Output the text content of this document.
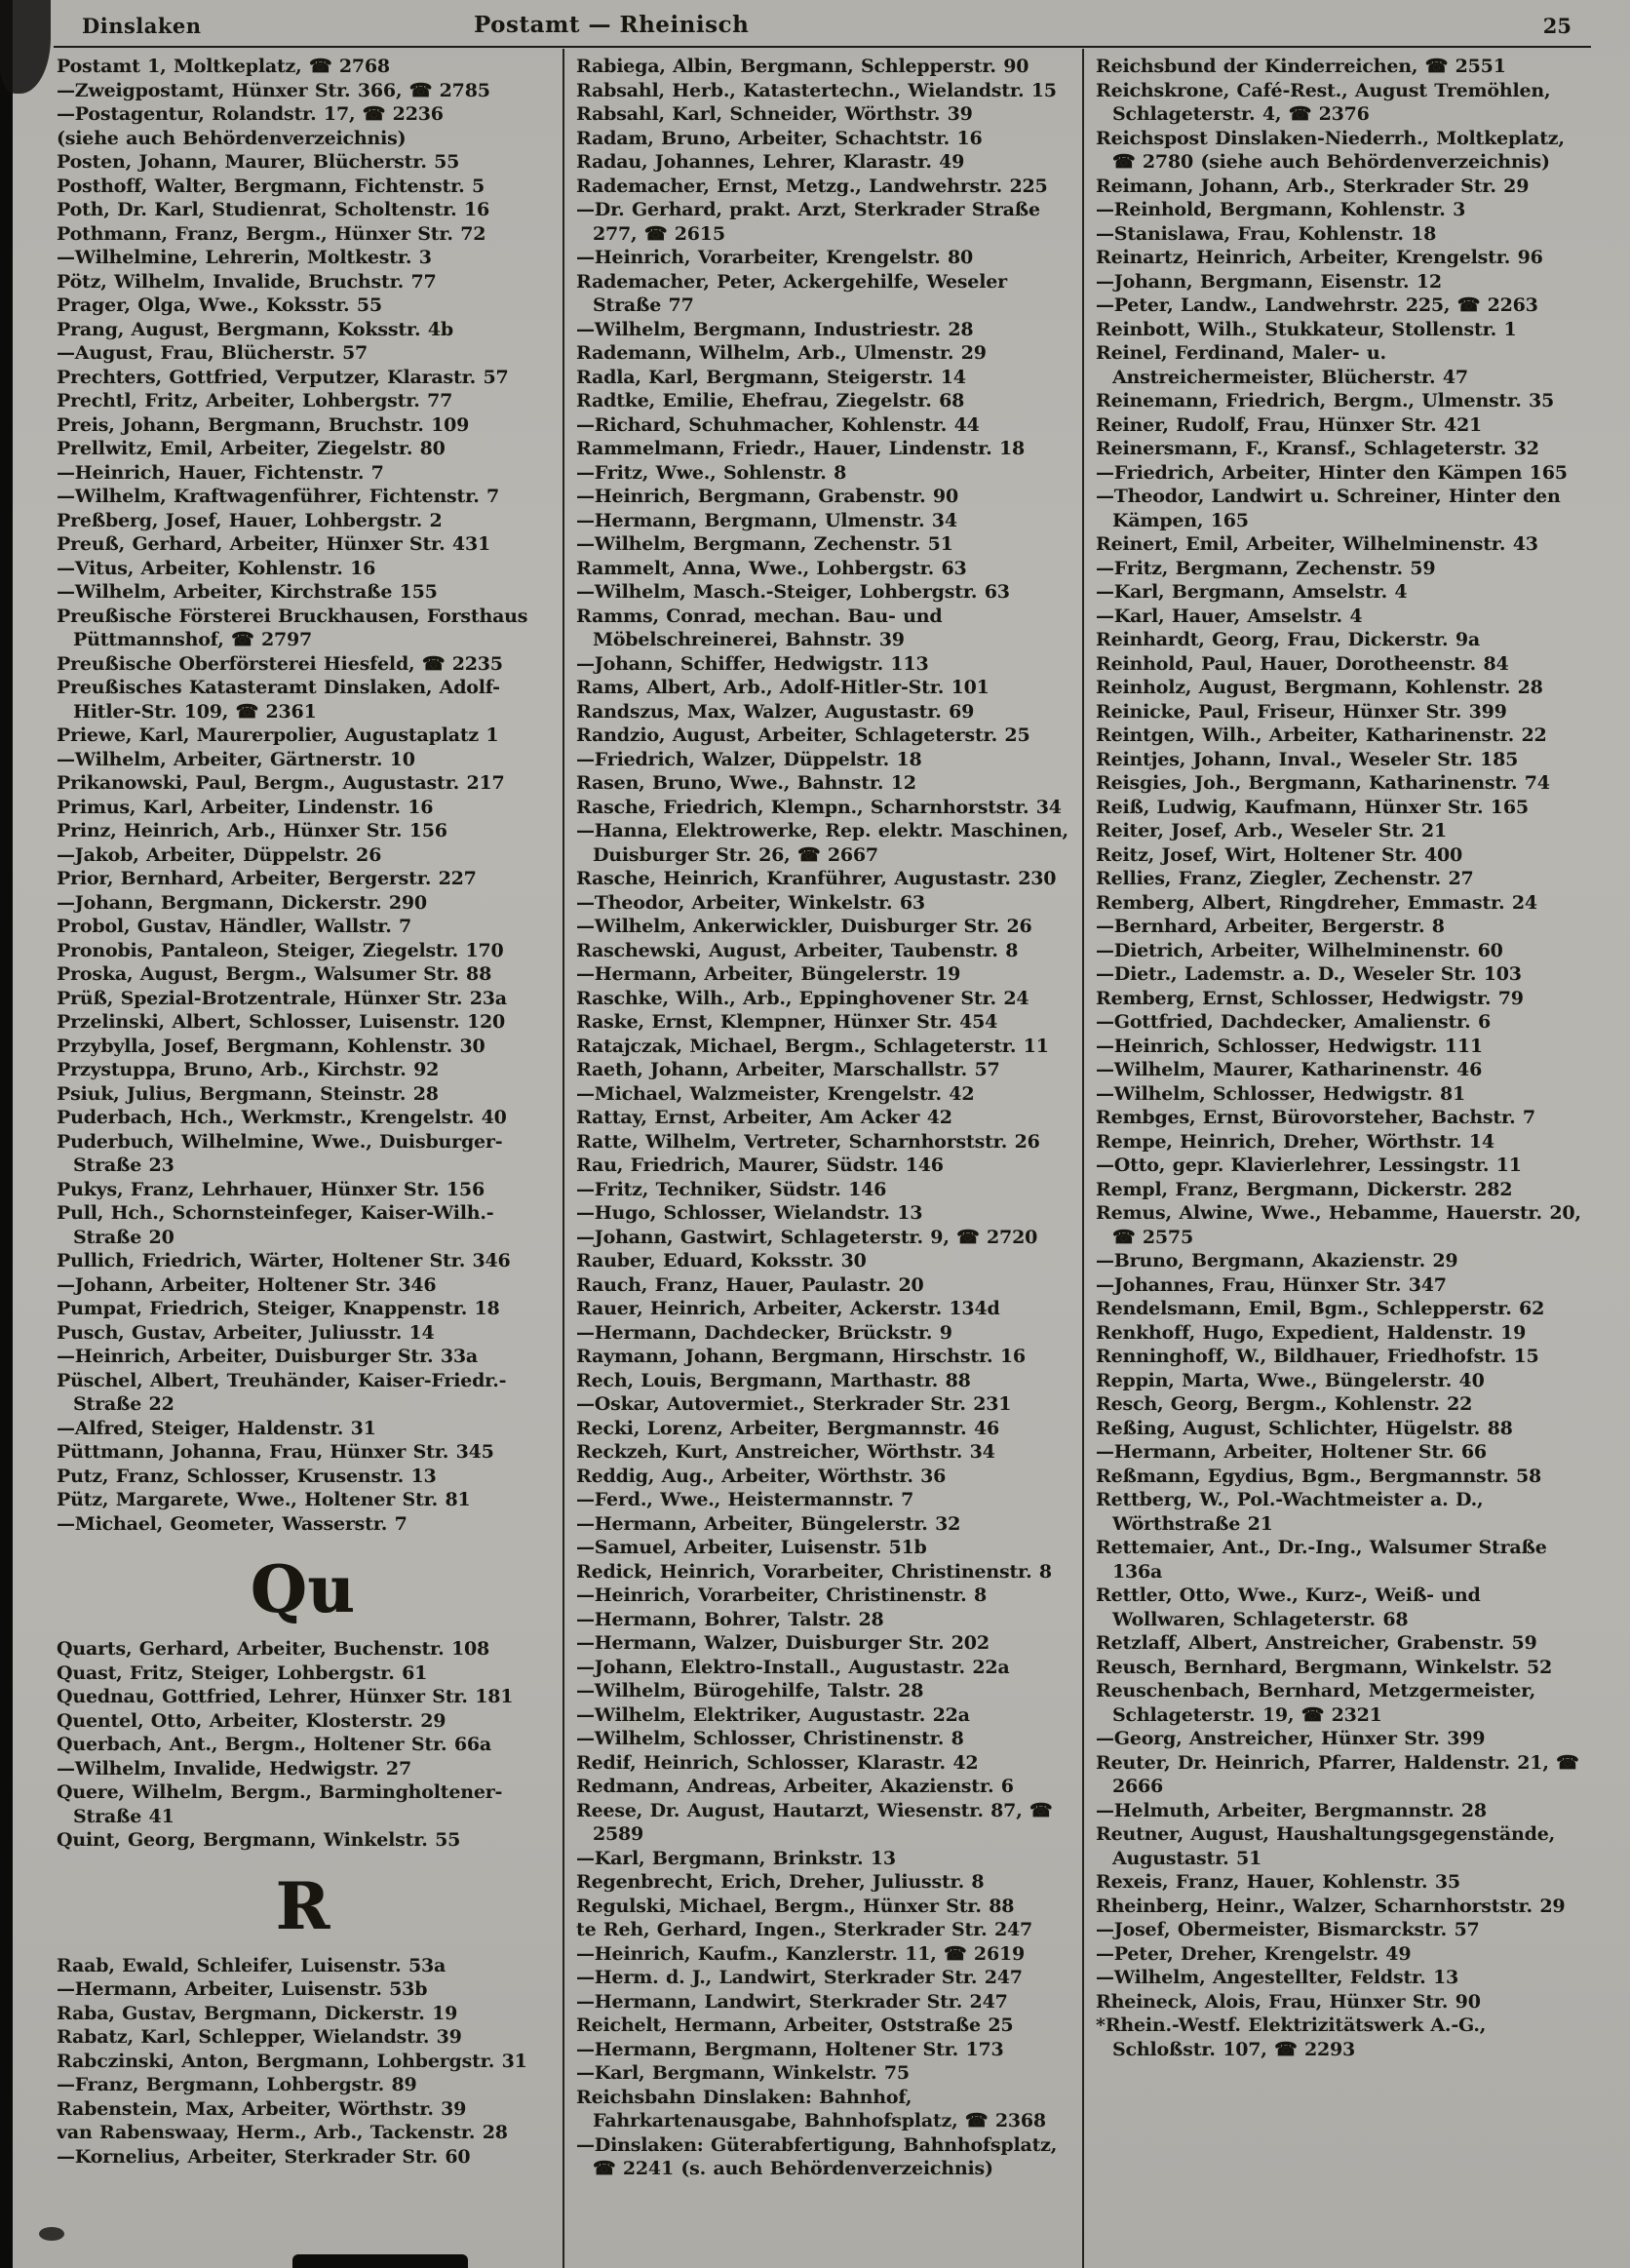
Dinslaken	Postamt — Rheinisch	25
Postamt 1, Moltkeplatz, ☎ 2768
—Zweigpostamt, Hünxer Str. 366, ☎ 2785
—Postagentur, Rolandstr. 17, ☎ 2236
(siehe auch Behördenverzeichnis)
Posten, Johann, Maurer, Blücherstr. 55
Posthoff, Walter, Bergmann, Fichtenstr. 5
Poth, Dr. Karl, Studienrat, Scholtenstr. 16
Pothmann, Franz, Bergm., Hünxer Str. 72
—Wilhelmine, Lehrerin, Moltkestr. 3
Pötz, Wilhelm, Invalide, Bruchstr. 77
Prager, Olga, Wwe., Koksstr. 55
Prang, August, Bergmann, Koksstr. 4b
—August, Frau, Blücherstr. 57
Prechters, Gottfried, Verputzer, Klarastr. 57
Prechtl, Fritz, Arbeiter, Lohbergstr. 77
Preis, Johann, Bergmann, Bruchstr. 109
Prellwitz, Emil, Arbeiter, Ziegelstr. 80
—Heinrich, Hauer, Fichtenstr. 7
—Wilhelm, Kraftwagenführer, Fichtenstr. 7
Preßberg, Josef, Hauer, Lohbergstr. 2
Preuß, Gerhard, Arbeiter, Hünxer Str. 431
—Vitus, Arbeiter, Kohlenstr. 16
—Wilhelm, Arbeiter, Kirchstraße 155
Preußische Försterei Bruckhausen, Forsthaus Püttmannshof, ☎ 2797
Preußische Oberförsterei Hiesfeld, ☎ 2235
Preußisches Katasteramt Dinslaken, Adolf-Hitler-Str. 109, ☎ 2361
Priewe, Karl, Maurerpolier, Augustaplatz 1
—Wilhelm, Arbeiter, Gärtnerstr. 10
Prikanowski, Paul, Bergm., Augustastr. 217
Primus, Karl, Arbeiter, Lindenstr. 16
Prinz, Heinrich, Arb., Hünxer Str. 156
—Jakob, Arbeiter, Düppelstr. 26
Prior, Bernhard, Arbeiter, Bergerstr. 227
—Johann, Bergmann, Dickerstr. 290
Probol, Gustav, Händler, Wallstr. 7
Pronobis, Pantaleon, Steiger, Ziegelstr. 170
Proska, August, Bergm., Walsumer Str. 88
Prüß, Spezial-Brotzentrale, Hünxer Str. 23a
Przelinski, Albert, Schlosser, Luisenstr. 120
Przybylla, Josef, Bergmann, Kohlenstr. 30
Przystuppa, Bruno, Arb., Kirchstr. 92
Psiuk, Julius, Bergmann, Steinstr. 28
Puderbach, Hch., Werkmstr., Krengelstr. 40
Puderbuch, Wilhelmine, Wwe., Duisburger-Straße 23
Pukys, Franz, Lehrhauer, Hünxer Str. 156
Pull, Hch., Schornsteinfeger, Kaiser-Wilh.-Straße 20
Pullich, Friedrich, Wärter, Holtener Str. 346
—Johann, Arbeiter, Holtener Str. 346
Pumpat, Friedrich, Steiger, Knappenstr. 18
Pusch, Gustav, Arbeiter, Juliusstr. 14
—Heinrich, Arbeiter, Duisburger Str. 33a
Püschel, Albert, Treuhänder, Kaiser-Friedr.-Straße 22
—Alfred, Steiger, Haldenstr. 31
Püttmann, Johanna, Frau, Hünxer Str. 345
Putz, Franz, Schlosser, Krusenstr. 13
Pütz, Margarete, Wwe., Holtener Str. 81
—Michael, Geometer, Wasserstr. 7
Qu
Quarts, Gerhard, Arbeiter, Buchenstr. 108
Quast, Fritz, Steiger, Lohbergstr. 61
Quednau, Gottfried, Lehrer, Hünxer Str. 181
Quentel, Otto, Arbeiter, Klosterstr. 29
Querbach, Ant., Bergm., Holtener Str. 66a
—Wilhelm, Invalide, Hedwigstr. 27
Quere, Wilhelm, Bergm., Barmingholtener-Straße 41
Quint, Georg, Bergmann, Winkelstr. 55
R
Raab, Ewald, Schleifer, Luisenstr. 53a
—Hermann, Arbeiter, Luisenstr. 53b
Raba, Gustav, Bergmann, Dickerstr. 19
Rabatz, Karl, Schlepper, Wielandstr. 39
Rabczinski, Anton, Bergmann, Lohbergstr. 31
—Franz, Bergmann, Lohbergstr. 89
Rabenstein, Max, Arbeiter, Wörthstr. 39
van Rabenswaay, Herm., Arb., Tackenstr. 28
—Kornelius, Arbeiter, Sterkrader Str. 60
Rabiega, Albin, Bergmann, Schlepperstr. 90
Rabsahl, Herb., Katastertechn., Wielandstr. 15
Rabsahl, Karl, Schneider, Wörthstr. 39
Radam, Bruno, Arbeiter, Schachtstr. 16
Radau, Johannes, Lehrer, Klarastr. 49
Rademacher, Ernst, Metzg., Landwehrstr. 225
—Dr. Gerhard, prakt. Arzt, Sterkrader Straße 277, ☎ 2615
—Heinrich, Vorarbeiter, Krengelstr. 80
Rademacher, Peter, Ackergehilfe, Weseler Straße 77
—Wilhelm, Bergmann, Industriestr. 28
Rademann, Wilhelm, Arb., Ulmenstr. 29
Radla, Karl, Bergmann, Steigerstr. 14
Radtke, Emilie, Ehefrau, Ziegelstr. 68
—Richard, Schuhmacher, Kohlenstr. 44
Rammelmann, Friedr., Hauer, Lindenstr. 18
—Fritz, Wwe., Sohlenstr. 8
—Heinrich, Bergmann, Grabenstr. 90
—Hermann, Bergmann, Ulmenstr. 34
—Wilhelm, Bergmann, Zechenstr. 51
Rammelt, Anna, Wwe., Lohbergstr. 63
—Wilhelm, Masch.-Steiger, Lohbergstr. 63
Ramms, Conrad, mechan. Bau- und Möbelschreinerei, Bahnstr. 39
—Johann, Schiffer, Hedwigstr. 113
Rams, Albert, Arb., Adolf-Hitler-Str. 101
Randszus, Max, Walzer, Augustastr. 69
Randzio, August, Arbeiter, Schlageterstr. 25
—Friedrich, Walzer, Düppelstr. 18
Rasen, Bruno, Wwe., Bahnstr. 12
Rasche, Friedrich, Klempn., Scharnhorststr. 34
—Hanna, Elektrowerke, Rep. elektr. Maschinen, Duisburger Str. 26, ☎ 2667
Rasche, Heinrich, Kranführer, Augustastr. 230
—Theodor, Arbeiter, Winkelstr. 63
—Wilhelm, Ankerwickler, Duisburger Str. 26
Raschewski, August, Arbeiter, Taubenstr. 8
—Hermann, Arbeiter, Büngelerstr. 19
Raschke, Wilh., Arb., Eppinghovener Str. 24
Raske, Ernst, Klempner, Hünxer Str. 454
Ratajczak, Michael, Bergm., Schlageterstr. 11
Raeth, Johann, Arbeiter, Marschallstr. 57
—Michael, Walzmeister, Krengelstr. 42
Rattay, Ernst, Arbeiter, Am Acker 42
Ratte, Wilhelm, Vertreter, Scharnhorststr. 26
Rau, Friedrich, Maurer, Südstr. 146
—Fritz, Techniker, Südstr. 146
—Hugo, Schlosser, Wielandstr. 13
—Johann, Gastwirt, Schlageterstr. 9, ☎ 2720
Rauber, Eduard, Koksstr. 30
Rauch, Franz, Hauer, Paulastr. 20
Rauer, Heinrich, Arbeiter, Ackerstr. 134d
—Hermann, Dachdecker, Brückstr. 9
Raymann, Johann, Bergmann, Hirschstr. 16
Rech, Louis, Bergmann, Marthastr. 88
—Oskar, Autovermiet., Sterkrader Str. 231
Recki, Lorenz, Arbeiter, Bergmannstr. 46
Reckzeh, Kurt, Anstreicher, Wörthstr. 34
Reddig, Aug., Arbeiter, Wörthstr. 36
—Ferd., Wwe., Heistermannstr. 7
—Hermann, Arbeiter, Büngelerstr. 32
—Samuel, Arbeiter, Luisenstr. 51b
Redick, Heinrich, Vorarbeiter, Christinenstr. 8
—Heinrich, Vorarbeiter, Christinenstr. 8
—Hermann, Bohrer, Talstr. 28
—Hermann, Walzer, Duisburger Str. 202
—Johann, Elektro-Install., Augustastr. 22a
—Wilhelm, Bürogehilfe, Talstr. 28
—Wilhelm, Elektriker, Augustastr. 22a
—Wilhelm, Schlosser, Christinenstr. 8
Redif, Heinrich, Schlosser, Klarastr. 42
Redmann, Andreas, Arbeiter, Akazienstr. 6
Reese, Dr. August, Hautarzt, Wiesenstr. 87, ☎ 2589
—Karl, Bergmann, Brinkstr. 13
Regenbrecht, Erich, Dreher, Juliusstr. 8
Regulski, Michael, Bergm., Hünxer Str. 88
te Reh, Gerhard, Ingen., Sterkrader Str. 247
—Heinrich, Kaufm., Kanzlerstr. 11, ☎ 2619
—Herm. d. J., Landwirt, Sterkrader Str. 247
—Hermann, Landwirt, Sterkrader Str. 247
Reichelt, Hermann, Arbeiter, Oststraße 25
—Hermann, Bergmann, Holtener Str. 173
—Karl, Bergmann, Winkelstr. 75
Reichsbahn Dinslaken: Bahnhof, Fahrkartenausgabe, Bahnhofsplatz, ☎ 2368
—Dinslaken: Güterabfertigung, Bahnhofsplatz, ☎ 2241 (s. auch Behördenverzeichnis)
Reichsbund der Kinderreichen, ☎ 2551
Reichskrone, Café-Rest., August Tremöhlen, Schlageterstr. 4, ☎ 2376
Reichspost Dinslaken-Niederrh., Moltkeplatz, ☎ 2780 (siehe auch Behördenverzeichnis)
Reimann, Johann, Arb., Sterkrader Str. 29
—Reinhold, Bergmann, Kohlenstr. 3
—Stanislawa, Frau, Kohlenstr. 18
Reinartz, Heinrich, Arbeiter, Krengelstr. 96
—Johann, Bergmann, Eisenstr. 12
—Peter, Landw., Landwehrstr. 225, ☎ 2263
Reinbott, Wilh., Stukkateur, Stollenstr. 1
Reinel, Ferdinand, Maler- u. Anstreichermeister, Blücherstr. 47
Reinemann, Friedrich, Bergm., Ulmenstr. 35
Reiner, Rudolf, Frau, Hünxer Str. 421
Reinersmann, F., Kransf., Schlageterstr. 32
—Friedrich, Arbeiter, Hinter den Kämpen 165
—Theodor, Landwirt u. Schreiner, Hinter den Kämpen, 165
Reinert, Emil, Arbeiter, Wilhelminenstr. 43
—Fritz, Bergmann, Zechenstr. 59
—Karl, Bergmann, Amselstr. 4
—Karl, Hauer, Amselstr. 4
Reinhardt, Georg, Frau, Dickerstr. 9a
Reinhold, Paul, Hauer, Dorotheenstr. 84
Reinholz, August, Bergmann, Kohlenstr. 28
Reinicke, Paul, Friseur, Hünxer Str. 399
Reintgen, Wilh., Arbeiter, Katharinenstr. 22
Reintjes, Johann, Inval., Weseler Str. 185
Reisgies, Joh., Bergmann, Katharinenstr. 74
Reiß, Ludwig, Kaufmann, Hünxer Str. 165
Reiter, Josef, Arb., Weseler Str. 21
Reitz, Josef, Wirt, Holtener Str. 400
Rellies, Franz, Ziegler, Zechenstr. 27
Remberg, Albert, Ringdreher, Emmastr. 24
—Bernhard, Arbeiter, Bergerstr. 8
—Dietrich, Arbeiter, Wilhelminenstr. 60
—Dietr., Lademstr. a. D., Weseler Str. 103
Remberg, Ernst, Schlosser, Hedwigstr. 79
—Gottfried, Dachdecker, Amalienstr. 6
—Heinrich, Schlosser, Hedwigstr. 111
—Wilhelm, Maurer, Katharinenstr. 46
—Wilhelm, Schlosser, Hedwigstr. 81
Rembges, Ernst, Bürovorsteher, Bachstr. 7
Rempe, Heinrich, Dreher, Wörthstr. 14
—Otto, gepr. Klavierlehrer, Lessingstr. 11
Rempl, Franz, Bergmann, Dickerstr. 282
Remus, Alwine, Wwe., Hebamme, Hauerstr. 20, ☎ 2575
—Bruno, Bergmann, Akazienstr. 29
—Johannes, Frau, Hünxer Str. 347
Rendelsmann, Emil, Bgm., Schlepperstr. 62
Renkhoff, Hugo, Expedient, Haldenstr. 19
Renninghoff, W., Bildhauer, Friedhofstr. 15
Reppin, Marta, Wwe., Büngelerstr. 40
Resch, Georg, Bergm., Kohlenstr. 22
Reßing, August, Schlichter, Hügelstr. 88
—Hermann, Arbeiter, Holtener Str. 66
Reßmann, Egydius, Bgm., Bergmannstr. 58
Rettberg, W., Pol.-Wachtmeister a. D., Wörthstraße 21
Rettemaier, Ant., Dr.-Ing., Walsumer Straße 136a
Rettler, Otto, Wwe., Kurz-, Weiß- und Wollwaren, Schlageterstr. 68
Retzlaff, Albert, Anstreicher, Grabenstr. 59
Reusch, Bernhard, Bergmann, Winkelstr. 52
Reuschenbach, Bernhard, Metzgermeister, Schlageterstr. 19, ☎ 2321
—Georg, Anstreicher, Hünxer Str. 399
Reuter, Dr. Heinrich, Pfarrer, Haldenstr. 21, ☎ 2666
—Helmuth, Arbeiter, Bergmannstr. 28
Reutner, August, Haushaltungsgegenstände, Augustastr. 51
Rexeis, Franz, Hauer, Kohlenstr. 35
Rheinberg, Heinr., Walzer, Scharnhorststr. 29
—Josef, Obermeister, Bismarckstr. 57
—Peter, Dreher, Krengelstr. 49
—Wilhelm, Angestellter, Feldstr. 13
Rheineck, Alois, Frau, Hünxer Str. 90
*Rhein.-Westf. Elektrizitätswerk A.-G., Schloßstr. 107, ☎ 2293
